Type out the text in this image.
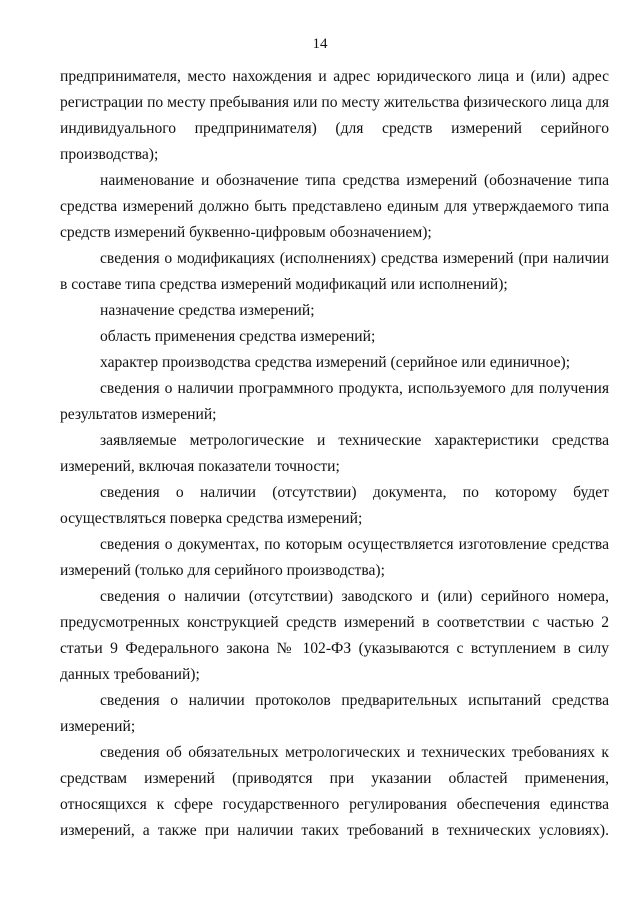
14

предпринимателя, место нахождения и адрес юридического лица и (или) адрес регистрации по месту пребывания или по месту жительства физического лица для индивидуального предпринимателя) (для средств измерений серийного производства);

наименование и обозначение типа средства измерений (обозначение типа средства измерений должно быть представлено единым для утверждаемого типа средств измерений буквенно-цифровым обозначением);

сведения о модификациях (исполнениях) средства измерений (при наличии в составе типа средства измерений модификаций или исполнений);

назначение средства измерений;

область применения средства измерений;

характер производства средства измерений (серийное или единичное);

сведения о наличии программного продукта, используемого для получения результатов измерений;

заявляемые метрологические и технические характеристики средства измерений, включая показатели точности;

сведения о наличии (отсутствии) документа, по которому будет осуществляться поверка средства измерений;

сведения о документах, по которым осуществляется изготовление средства измерений (только для серийного производства);

сведения о наличии (отсутствии) заводского и (или) серийного номера, предусмотренных конструкцией средств измерений в соответствии с частью 2 статьи 9 Федерального закона № 102-ФЗ (указываются с вступлением в силу данных требований);

сведения о наличии протоколов предварительных испытаний средства измерений;

сведения об обязательных метрологических и технических требованиях к средствам измерений (приводятся при указании областей применения, относящихся к сфере государственного регулирования обеспечения единства измерений, а также при наличии таких требований в технических условиях).
